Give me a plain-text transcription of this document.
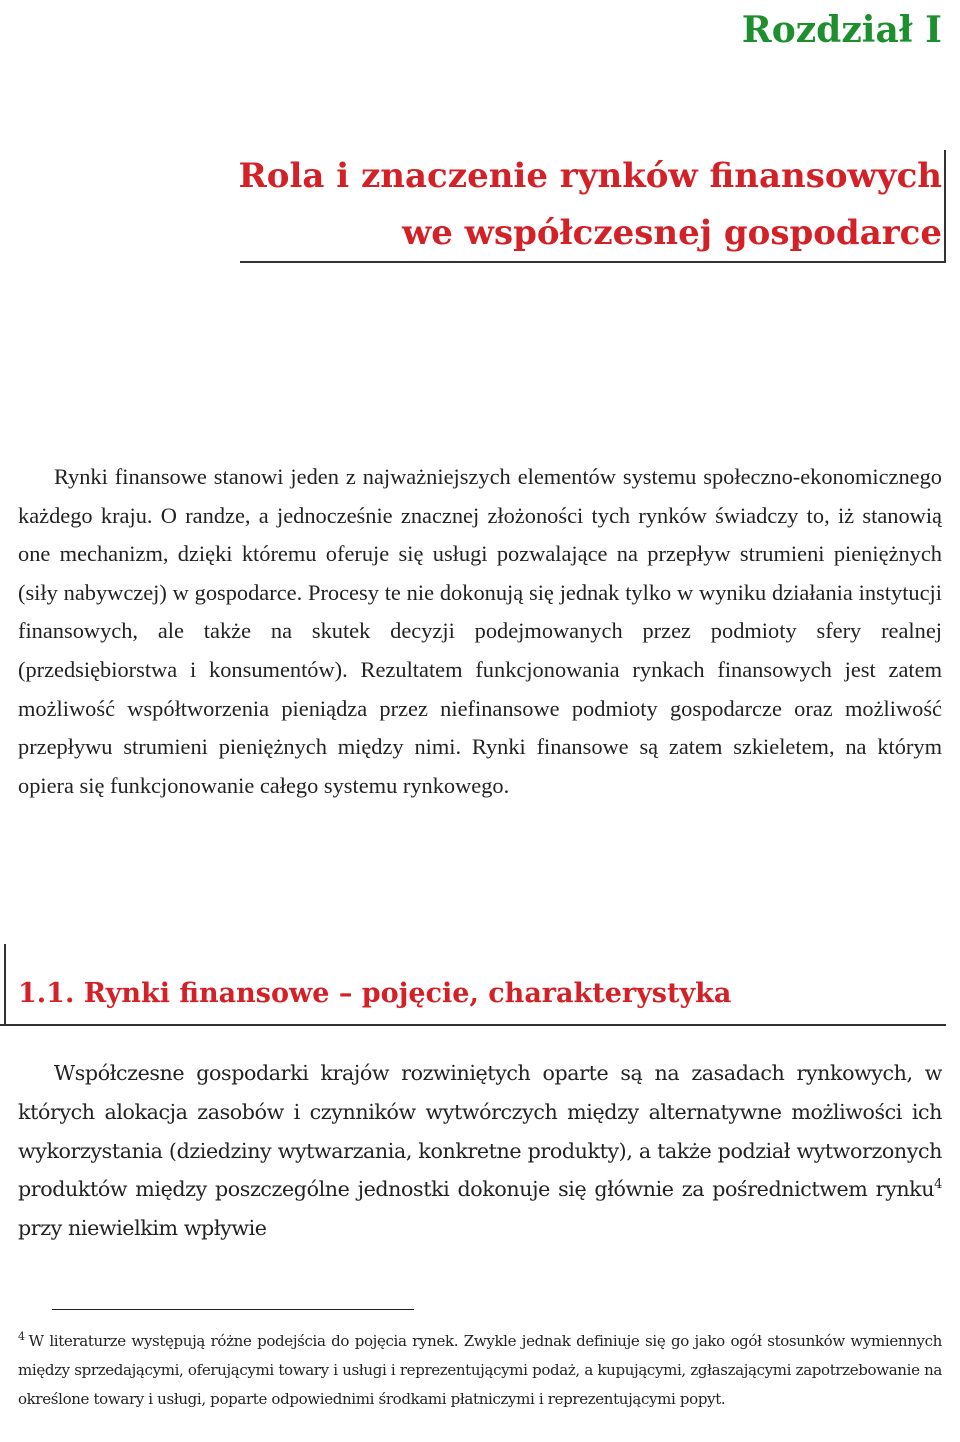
Rozdział I
Rola i znaczenie rynków finansowych
we współczesnej gospodarce

Rynki finansowe stanowi jeden z najważniejszych elementów systemu społeczno-ekonomicznego każdego kraju. O randze, a jednocześnie znacznej złożoności tych rynków świadczy to, iż stanowią one mechanizm, dzięki któremu oferuje się usługi pozwalające na przepływ strumieni pieniężnych (siły nabywczej) w gospodarce. Procesy te nie dokonują się jednak tylko w wyniku działania instytucji finansowych, ale także na skutek decyzji podejmowanych przez podmioty sfery realnej (przedsiębiorstwa i konsumentów). Rezultatem funkcjonowania rynkach finansowych jest zatem możliwość współtworzenia pieniądza przez niefinansowe podmioty gospodarcze oraz możliwość przepływu strumieni pieniężnych między nimi. Rynki finansowe są zatem szkieletem, na którym opiera się funkcjonowanie całego systemu rynkowego.

1.1. Rynki finansowe – pojęcie, charakterystyka

Współczesne gospodarki krajów rozwiniętych oparte są na zasadach rynkowych, w których alokacja zasobów i czynników wytwórczych między alternatywne możliwości ich wykorzystania (dziedziny wytwarzania, konkretne produkty), a także podział wytworzonych produktów między poszczególne jednostki dokonuje się głównie za pośrednictwem rynku$^4$ przy niewielkim wpływie

$^4$ W literaturze występują różne podejścia do pojęcia rynek. Zwykle jednak definiuje się go jako ogół stosunków wymiennych między sprzedającymi, oferującymi towary i usługi i reprezentującymi podaż, a kupującymi, zgłaszającymi zapotrzebowanie na określone towary i usługi, poparte odpowiednimi środkami płatniczymi i reprezentującymi popyt.
